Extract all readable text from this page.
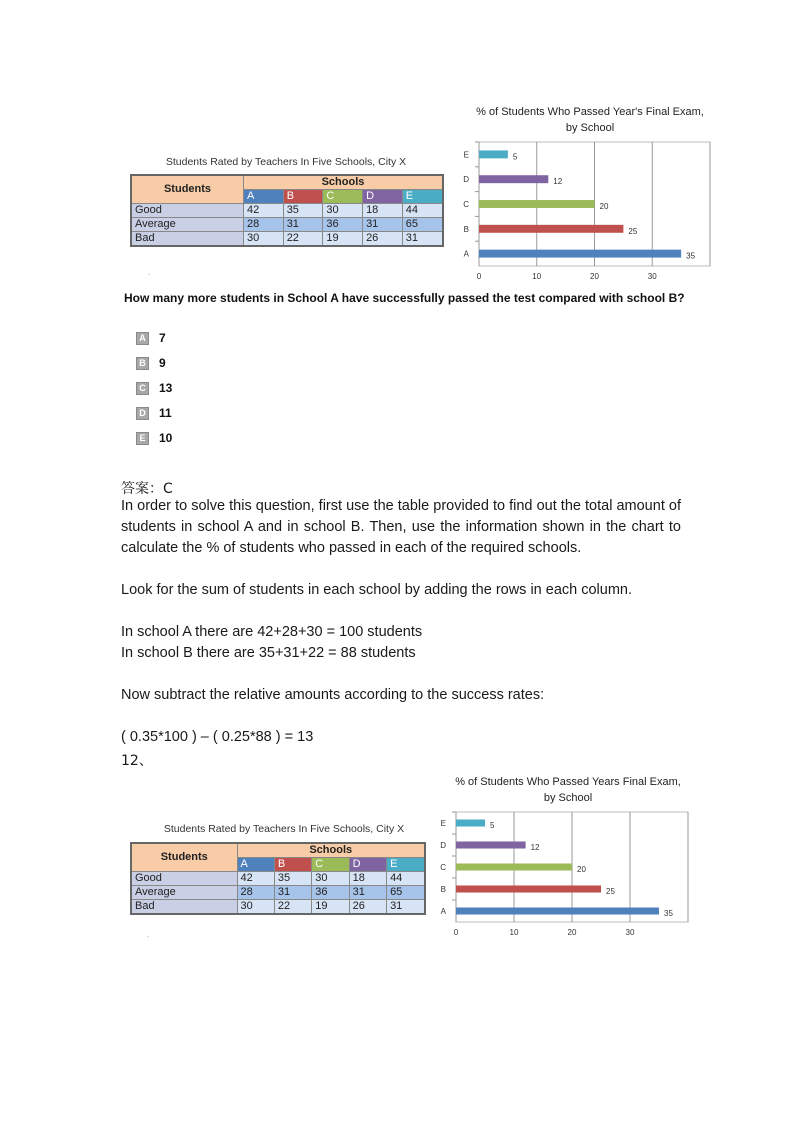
Students Rated by Teachers In Five Schools, City X
Students	Schools				
	A	B	C	D	E
Good	42	35	30	18	44
Average	28	31	36	31	65
Bad	30	22	19	26	31
.
% of Students Who Passed Year's Final Exam,
by School
0	10	20	30
E	5
D	12
C	20
B	25
A	35
How many more students in School A have successfully passed the test compared with school B?
A 7
B 9
C 13
D 11
E 10
答案：C
In order to solve this question, first use the table provided to find out the total amount of students in school A and in school B. Then, use the information shown in the chart to calculate the % of students who passed in each of the required schools.
Look for the sum of students in each school by adding the rows in each column.
In school A there are 42+28+30 = 100 students
In school B there are 35+31+22 = 88 students
Now subtract the relative amounts according to the success rates:
( 0.35*100 ) – ( 0.25*88 ) = 13
12、
% of Students Who Passed Years Final Exam,
by School
0	10	20	30
E	5
D	12
C	20
B	25
A	35
Students Rated by Teachers In Five Schools, City X
Students	Schools				
	A	B	C	D	E
Good	42	35	30	18	44
Average	28	31	36	31	65
Bad	30	22	19	26	31
.
